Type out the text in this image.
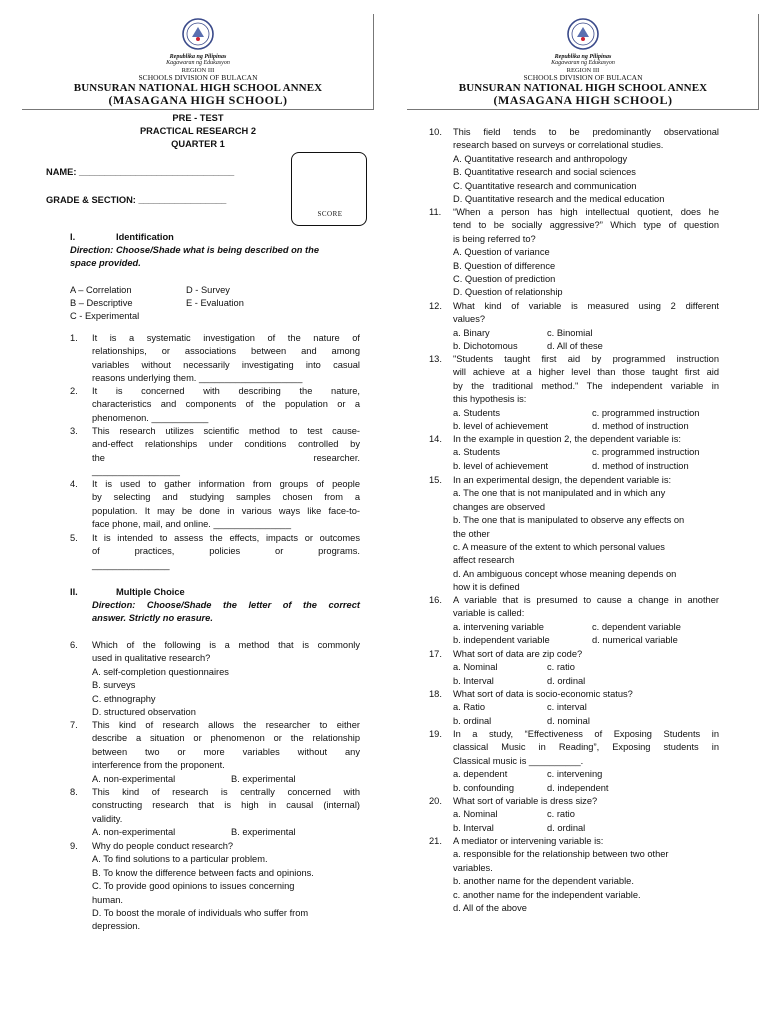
Republika ng Pilipinas
Kagawaran ng Edukasyon
REGION III
SCHOOLS DIVISION OF BULACAN
BUNSURAN NATIONAL HIGH SCHOOL ANNEX
(MASAGANA HIGH SCHOOL)
Republika ng Pilipinas
Kagawaran ng Edukasyon
REGION III
SCHOOLS DIVISION OF BULACAN
BUNSURAN NATIONAL HIGH SCHOOL ANNEX
(MASAGANA HIGH SCHOOL)
PRE - TEST
PRACTICAL RESEARCH 2
QUARTER 1
NAME: ______________________________
GRADE & SECTION: _________________
SCORE
I.	Identification
Direction: Choose/Shade what is being described on the
space provided.
A – Correlation	D - Survey
B – Descriptive	E - Evaluation
C - Experimental
1. It is a systematic investigation of the nature of
relationships, or associations between and among
variables without necessarily investigating into casual
reasons underlying them. ____________________
2. It is concerned with describing the nature,
characteristics and components of the population or a
phenomenon. ___________
3. This research utilizes scientific method to test cause-
and-effect relationships under conditions controlled by
the researcher.
_________________
4. It is used to gather information from groups of people
by selecting and studying samples chosen from a
population. It may be done in various ways like face-to-
face phone, mail, and online. _______________
5. It is intended to assess the effects, impacts or outcomes
of practices, policies or programs.
_______________
II.	Multiple Choice
Direction: Choose/Shade the letter of the correct
answer. Strictly no erasure.
6. Which of the following is a method that is commonly
used in qualitative research?
A. self-completion questionnaires
B. surveys
C. ethnography
D. structured observation
7. This kind of research allows the researcher to either
describe a situation or phenomenon or the relationship
between two or more variables without any
interference from the proponent.
A. non-experimental	B. experimental
8. This kind of research is centrally concerned with
constructing research that is high in causal (internal)
validity.
A. non-experimental	B. experimental
9. Why do people conduct research?
A. To find solutions to a particular problem.
B. To know the difference between facts and opinions.
C. To provide good opinions to issues concerning
human.
D. To boost the morale of individuals who suffer from
depression.
10. This field tends to be predominantly observational
research based on surveys or correlational studies.
A. Quantitative research and anthropology
B. Quantitative research and social sciences
C. Quantitative research and communication
D. Quantitative research and the medical education
11. “When a person has high intellectual quotient, does he
tend to be socially aggressive?” Which type of question
is being referred to?
A. Question of variance
B. Question of difference
C. Question of prediction
D. Question of relationship
12. What kind of variable is measured using 2 different
values?
a. Binary	c. Binomial
b. Dichotomous	d. All of these
13. "Students taught first aid by programmed instruction
will achieve at a higher level than those taught first aid
by the traditional method." The independent variable in
this hypothesis is:
a. Students	c. programmed instruction
b. level of achievement	d. method of instruction
14. In the example in question 2, the dependent variable is:
a. Students	c. programmed instruction
b. level of achievement	d. method of instruction
15. In an experimental design, the dependent variable is:
a. The one that is not manipulated and in which any
changes are observed
b. The one that is manipulated to observe any effects on
the other
c. A measure of the extent to which personal values
affect research
d. An ambiguous concept whose meaning depends on
how it is defined
16. A variable that is presumed to cause a change in another
variable is called:
a. intervening variable	c. dependent variable
b. independent variable	d. numerical variable
17. What sort of data are zip code?
a. Nominal	c. ratio
b. Interval	d. ordinal
18. What sort of data is socio-economic status?
a. Ratio	c. interval
b. ordinal	d. nominal
19. In a study, “Effectiveness of Exposing Students in
classical Music in Reading”, Exposing students in
Classical music is __________.
a. dependent	c. intervening
b. confounding	d. independent
20. What sort of variable is dress size?
a. Nominal	c. ratio
b. Interval	d. ordinal
21. A mediator or intervening variable is:
a. responsible for the relationship between two other
variables.
b. another name for the dependent variable.
c. another name for the independent variable.
d. All of the above
